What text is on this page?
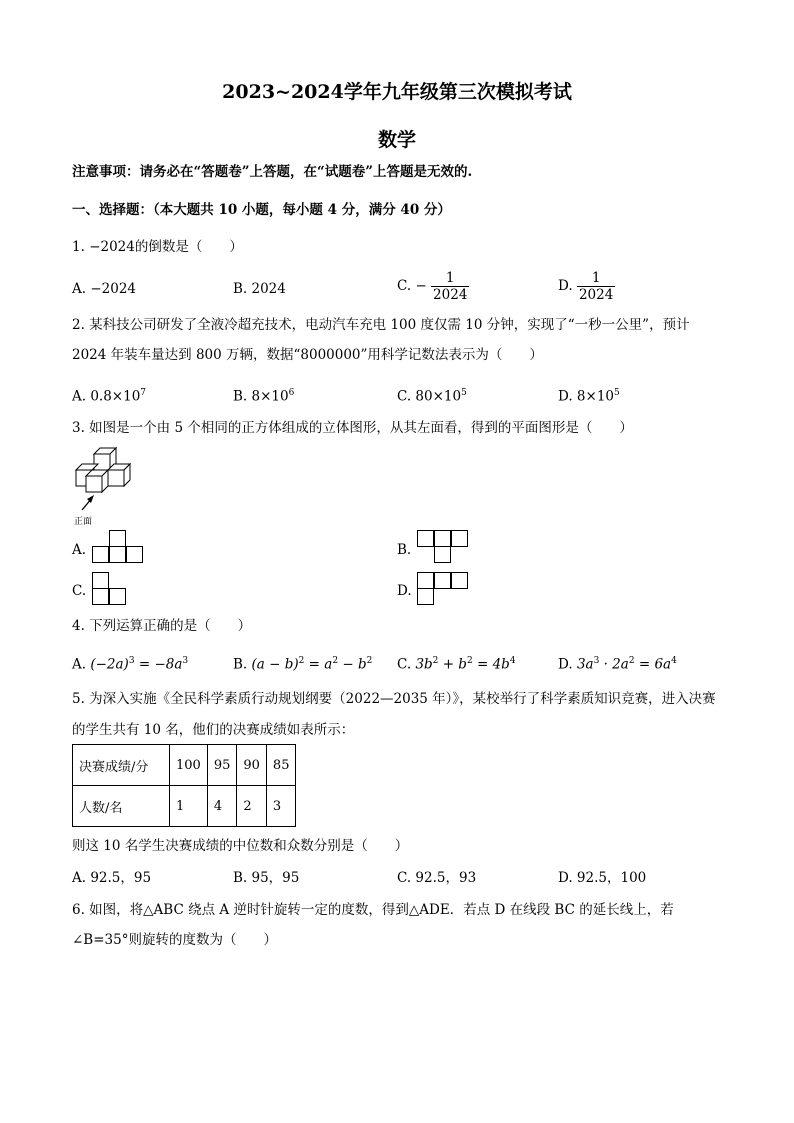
2023~2024学年九年级第三次模拟考试
数学
注意事项：请务必在“答题卷”上答题，在“试题卷”上答题是无效的.
一、选择题：（本大题共 10 小题，每小题 4 分，满分 40 分）
1. −2024的倒数是（　　）
A. −2024	B. 2024	C. − $\frac{1}{2024}$	D. $\frac{1}{2024}$
2. 某科技公司研发了全液冷超充技术，电动汽车充电 100 度仅需 10 分钟，实现了“一秒一公里”，预计
2024 年装车量达到 800 万辆，数据“8000000”用科学记数法表示为（　　）
A. $0.8\times 10^7$	B. $8\times 10^6$	C. $80\times 10^5$	D. $8\times 10^5$
3. 如图是一个由 5 个相同的正方体组成的立体图形，从其左面看，得到的平面图形是（　　）
正面
A.	B.
C.	D.
4. 下列运算正确的是（　　）
A. $(-2a)^3 = -8a^3$	B. $(a - b)^2 = a^2 - b^2$ C. $3b^2 + b^2 = 4b^4$	D. $3a^3 \cdot 2a^2 = 6a^4$
5. 为深入实施《全民科学素质行动规划纲要（2022—2035 年）》，某校举行了科学素质知识竞赛，进入决赛
的学生共有 10 名，他们的决赛成绩如表所示：
决赛成绩/分	100	95	90	85
人数/名	1	4	2	3
则这 10 名学生决赛成绩的中位数和众数分别是（　　）
A. 92.5，95	B. 95，95	C. 92.5，93	D. 92.5，100
6. 如图，将△ABC 绕点 A 逆时针旋转一定的度数，得到△ADE．若点 D 在线段 BC 的延长线上，若
∠B=35°则旋转的度数为（　　）
